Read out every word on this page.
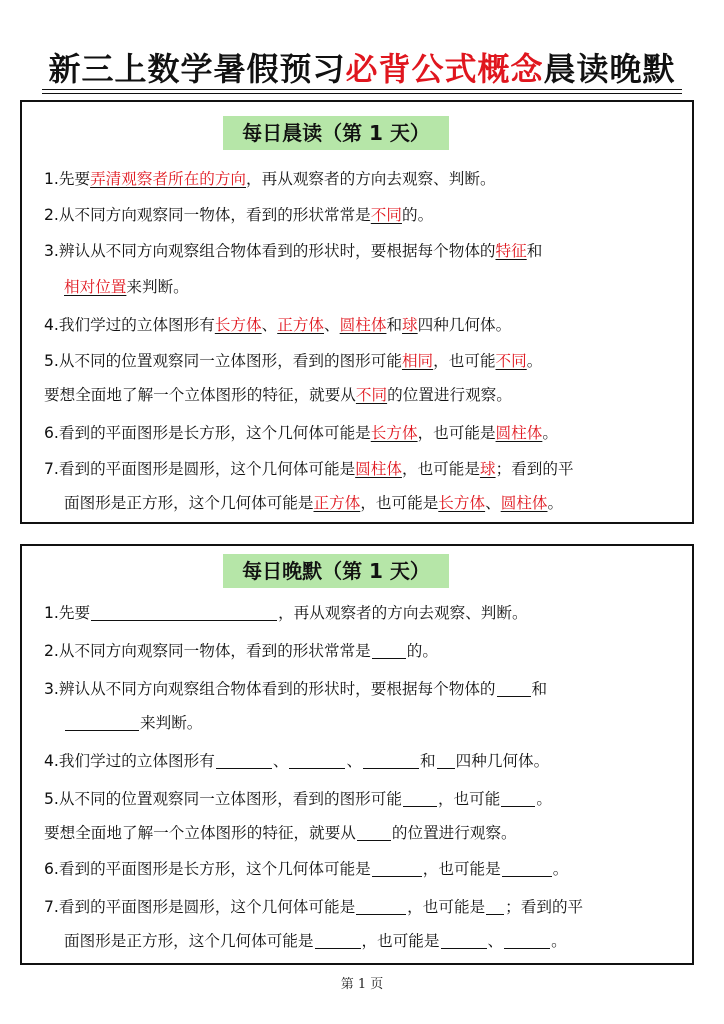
新三上数学暑假预习必背公式概念晨读晚默
每日晨读（第 1 天）
1.先要弄清观察者所在的方向，再从观察者的方向去观察、判断。
2.从不同方向观察同一物体，看到的形状常常是不同的。
3.辨认从不同方向观察组合物体看到的形状时，要根据每个物体的特征和
相对位置来判断。
4.我们学过的立体图形有长方体、正方体、圆柱体和球四种几何体。
5.从不同的位置观察同一立体图形，看到的图形可能相同，也可能不同。
要想全面地了解一个立体图形的特征，就要从不同的位置进行观察。
6.看到的平面图形是长方形，这个几何体可能是长方体，也可能是圆柱体。
7.看到的平面图形是圆形，这个几何体可能是圆柱体，也可能是球；看到的平
面图形是正方形，这个几何体可能是正方体，也可能是长方体、圆柱体。
每日晚默（第 1 天）
1.先要	，再从观察者的方向去观察、判断。
2.从不同方向观察同一物体，看到的形状常常是 的。
3.辨认从不同方向观察组合物体看到的形状时，要根据每个物体的 和
来判断。
4.我们学过的立体图形有	、	、	和 四种几何体。
5.从不同的位置观察同一立体图形，看到的图形可能 ，也可能 。
要想全面地了解一个立体图形的特征，就要从 的位置进行观察。
6.看到的平面图形是长方形，这个几何体可能是	，也可能是	。
7.看到的平面图形是圆形，这个几何体可能是	，也可能是 ；看到的平
面图形是正方形，这个几何体可能是	，也可能是	、	。
第 1 页
